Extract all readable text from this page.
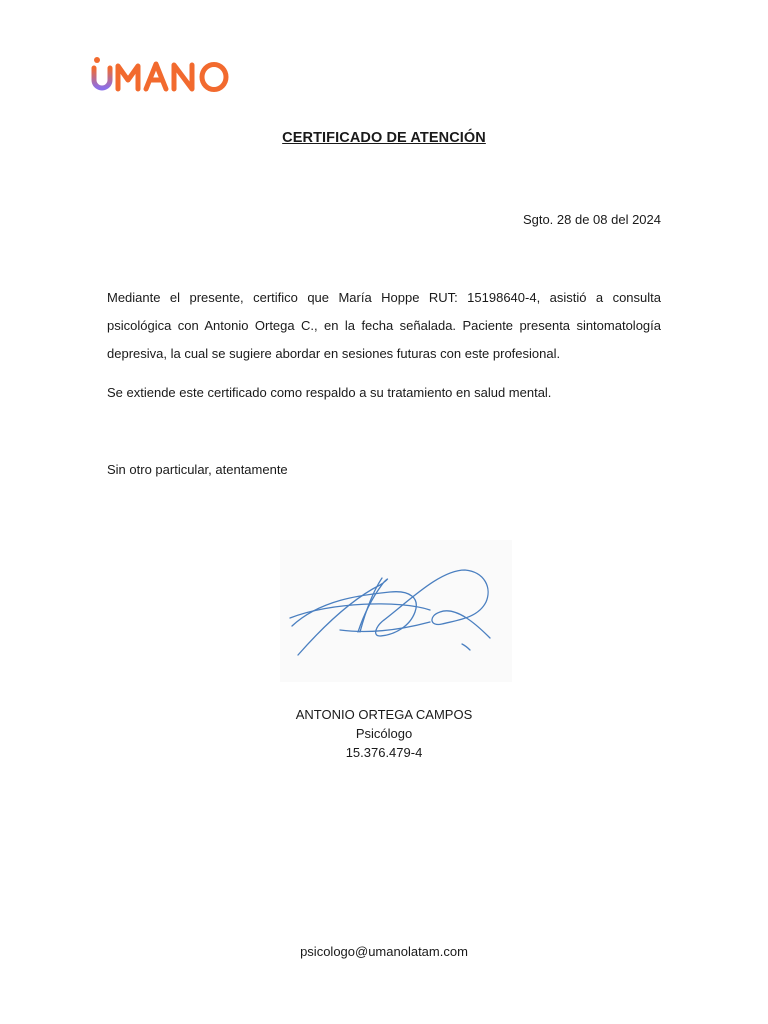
CERTIFICADO DE ATENCIÓN
Sgto. 28 de 08 del 2024

Mediante el presente, certifico que María Hoppe RUT: 15198640-4, asistió a consulta psicológica con Antonio Ortega C., en la fecha señalada. Paciente presenta sintomatología depresiva, la cual se sugiere abordar en sesiones futuras con este profesional.

Se extiende este certificado como respaldo a su tratamiento en salud mental.

Sin otro particular, atentamente
ANTONIO ORTEGA CAMPOS
Psicólogo
15.376.479-4
psicologo@umanolatam.com
